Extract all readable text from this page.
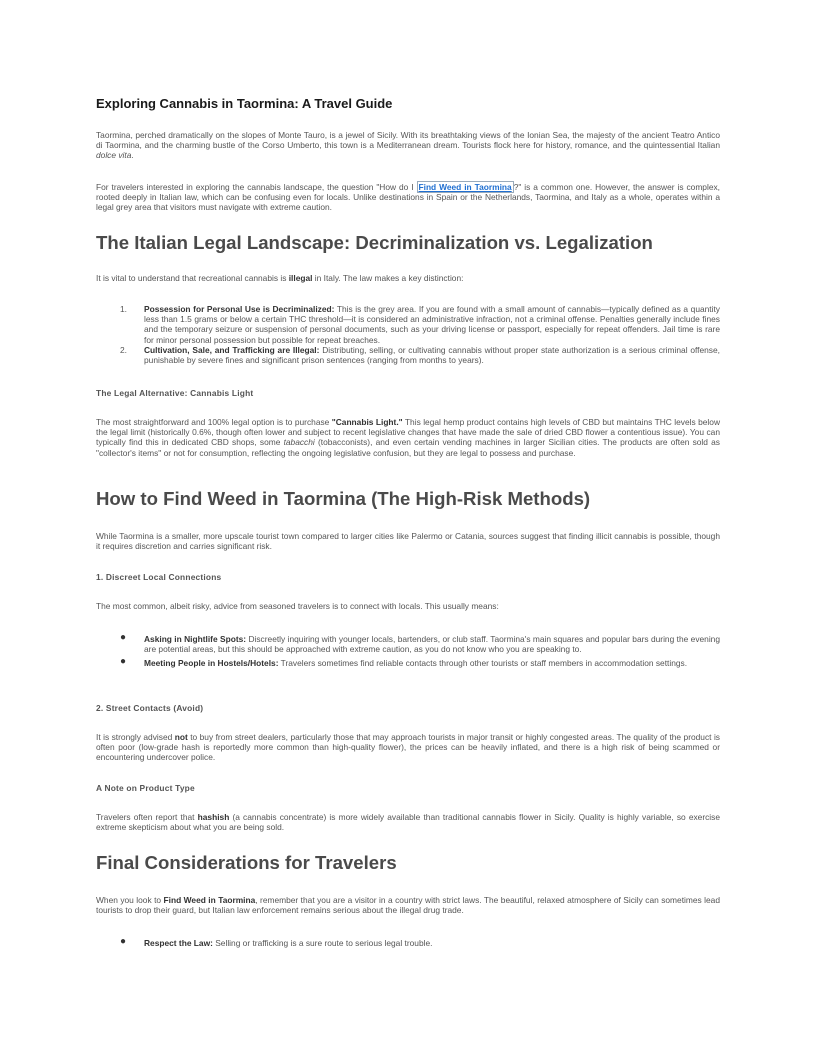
Exploring Cannabis in Taormina: A Travel Guide

Taormina, perched dramatically on the slopes of Monte Tauro, is a jewel of Sicily. With its breathtaking views of the Ionian Sea, the majesty of the ancient Teatro Antico di Taormina, and the charming bustle of the Corso Umberto, this town is a Mediterranean dream. Tourists flock here for history, romance, and the quintessential Italian dolce vita.

For travelers interested in exploring the cannabis landscape, the question "How do I Find Weed in Taormina ?" is a common one. However, the answer is complex, rooted deeply in Italian law, which can be confusing even for locals. Unlike destinations in Spain or the Netherlands, Taormina, and Italy as a whole, operates within a legal grey area that visitors must navigate with extreme caution.

The Italian Legal Landscape: Decriminalization vs. Legalization

It is vital to understand that recreational cannabis is illegal in Italy. The law makes a key distinction:

1. Possession for Personal Use is Decriminalized: This is the grey area. If you are found with a small amount of cannabis—typically defined as a quantity less than 1.5 grams or below a certain THC threshold—it is considered an administrative infraction, not a criminal offense. Penalties generally include fines and the temporary seizure or suspension of personal documents, such as your driving license or passport, especially for repeat offenders. Jail time is rare for minor personal possession but possible for repeat breaches.
2. Cultivation, Sale, and Trafficking are Illegal: Distributing, selling, or cultivating cannabis without proper state authorization is a serious criminal offense, punishable by severe fines and significant prison sentences (ranging from months to years).
The Legal Alternative: Cannabis Light

The most straightforward and 100% legal option is to purchase "Cannabis Light." This legal hemp product contains high levels of CBD but maintains THC levels below the legal limit (historically 0.6%, though often lower and subject to recent legislative changes that have made the sale of dried CBD flower a contentious issue). You can typically find this in dedicated CBD shops, some tabacchi (tobacconists), and even certain vending machines in larger Sicilian cities. The products are often sold as "collector's items" or not for consumption, reflecting the ongoing legislative confusion, but they are legal to possess and purchase.

How to Find Weed in Taormina (The High-Risk Methods)

While Taormina is a smaller, more upscale tourist town compared to larger cities like Palermo or Catania, sources suggest that finding illicit cannabis is possible, though it requires discretion and carries significant risk.

1. Discreet Local Connections

The most common, albeit risky, advice from seasoned travelers is to connect with locals. This usually means:

● Asking in Nightlife Spots: Discreetly inquiring with younger locals, bartenders, or club staff. Taormina's main squares and popular bars during the evening are potential areas, but this should be approached with extreme caution, as you do not know who you are speaking to.
● Meeting People in Hostels/Hotels: Travelers sometimes find reliable contacts through other tourists or staff members in accommodation settings.
2. Street Contacts (Avoid)

It is strongly advised not to buy from street dealers, particularly those that may approach tourists in major transit or highly congested areas. The quality of the product is often poor (low-grade hash is reportedly more common than high-quality flower), the prices can be heavily inflated, and there is a high risk of being scammed or encountering undercover police.

A Note on Product Type

Travelers often report that hashish (a cannabis concentrate) is more widely available than traditional cannabis flower in Sicily. Quality is highly variable, so exercise extreme skepticism about what you are being sold.

Final Considerations for Travelers

When you look to Find Weed in Taormina, remember that you are a visitor in a country with strict laws. The beautiful, relaxed atmosphere of Sicily can sometimes lead tourists to drop their guard, but Italian law enforcement remains serious about the illegal drug trade.

● Respect the Law: Selling or trafficking is a sure route to serious legal trouble.
